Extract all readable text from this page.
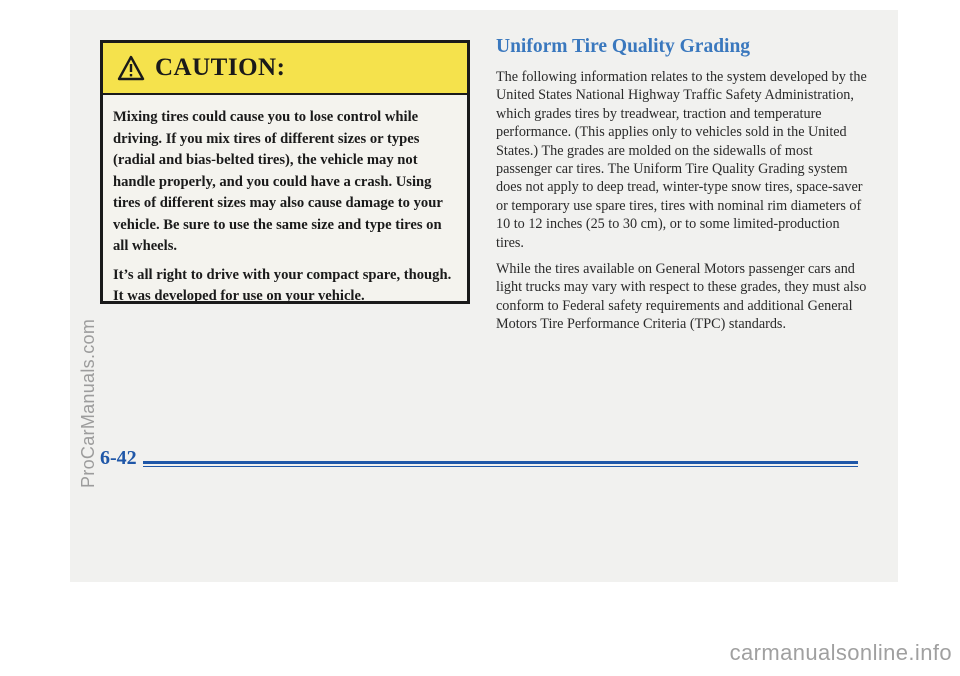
CAUTION:

Mixing tires could cause you to lose control while driving. If you mix tires of different sizes or types (radial and bias-belted tires), the vehicle may not handle properly, and you could have a crash. Using tires of different sizes may also cause damage to your vehicle. Be sure to use the same size and type tires on all wheels.

It’s all right to drive with your compact spare, though. It was developed for use on your vehicle.

Uniform Tire Quality Grading

The following information relates to the system developed by the United States National Highway Traffic Safety Administration, which grades tires by treadwear, traction and temperature performance. (This applies only to vehicles sold in the United States.) The grades are molded on the sidewalls of most passenger car tires. The Uniform Tire Quality Grading system does not apply to deep tread, winter-type snow tires, space-saver or temporary use spare tires, tires with nominal rim diameters of 10 to 12 inches (25 to 30 cm), or to some limited-production tires.

While the tires available on General Motors passenger cars and light trucks may vary with respect to these grades, they must also conform to Federal safety requirements and additional General Motors Tire Performance Criteria (TPC) standards.

6-42
ProCarManuals.com
carmanualsonline.info
